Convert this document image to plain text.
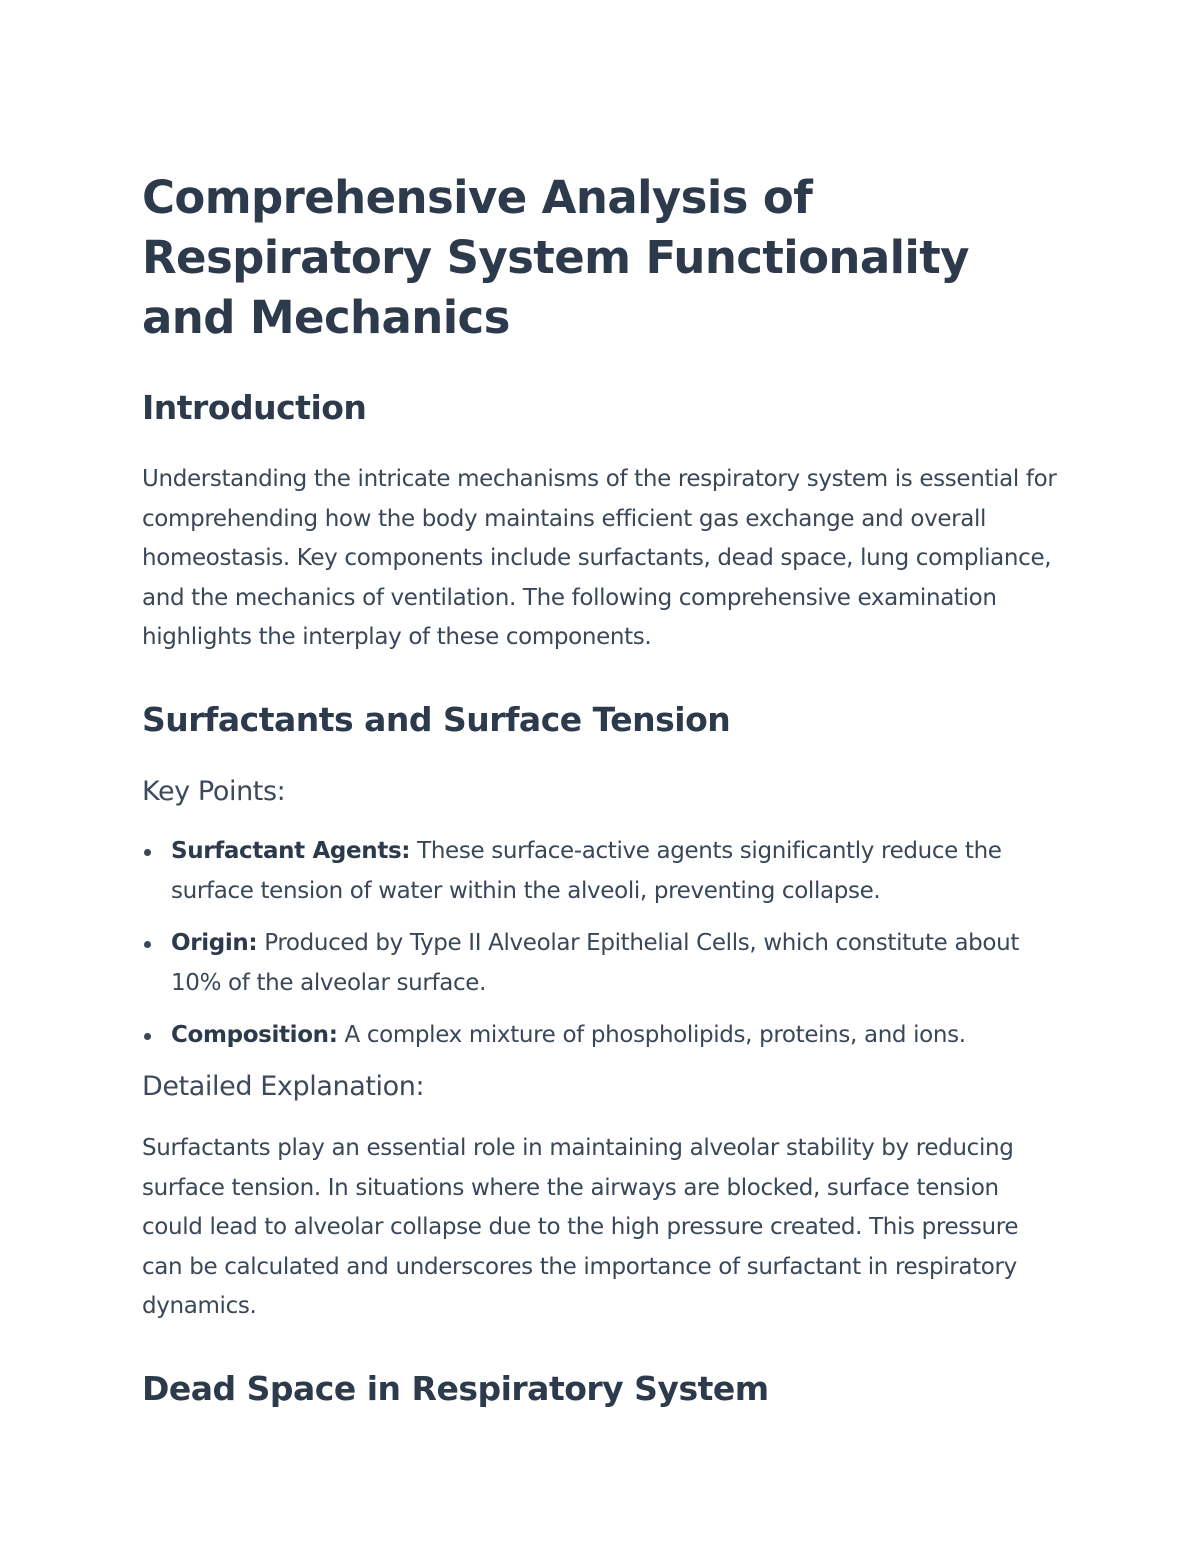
Comprehensive Analysis of Respiratory System Functionality and Mechanics
Introduction

Understanding the intricate mechanisms of the respiratory system is essential for comprehending how the body maintains efficient gas exchange and overall homeostasis. Key components include surfactants, dead space, lung compliance, and the mechanics of ventilation. The following comprehensive examination highlights the interplay of these components.

Surfactants and Surface Tension
Key Points:
Surfactant Agents: These surface-active agents significantly reduce the surface tension of water within the alveoli, preventing collapse.
Origin: Produced by Type II Alveolar Epithelial Cells, which constitute about 10% of the alveolar surface.
Composition: A complex mixture of phospholipids, proteins, and ions.
Detailed Explanation:

Surfactants play an essential role in maintaining alveolar stability by reducing surface tension. In situations where the airways are blocked, surface tension could lead to alveolar collapse due to the high pressure created. This pressure can be calculated and underscores the importance of surfactant in respiratory dynamics.

Dead Space in Respiratory System
